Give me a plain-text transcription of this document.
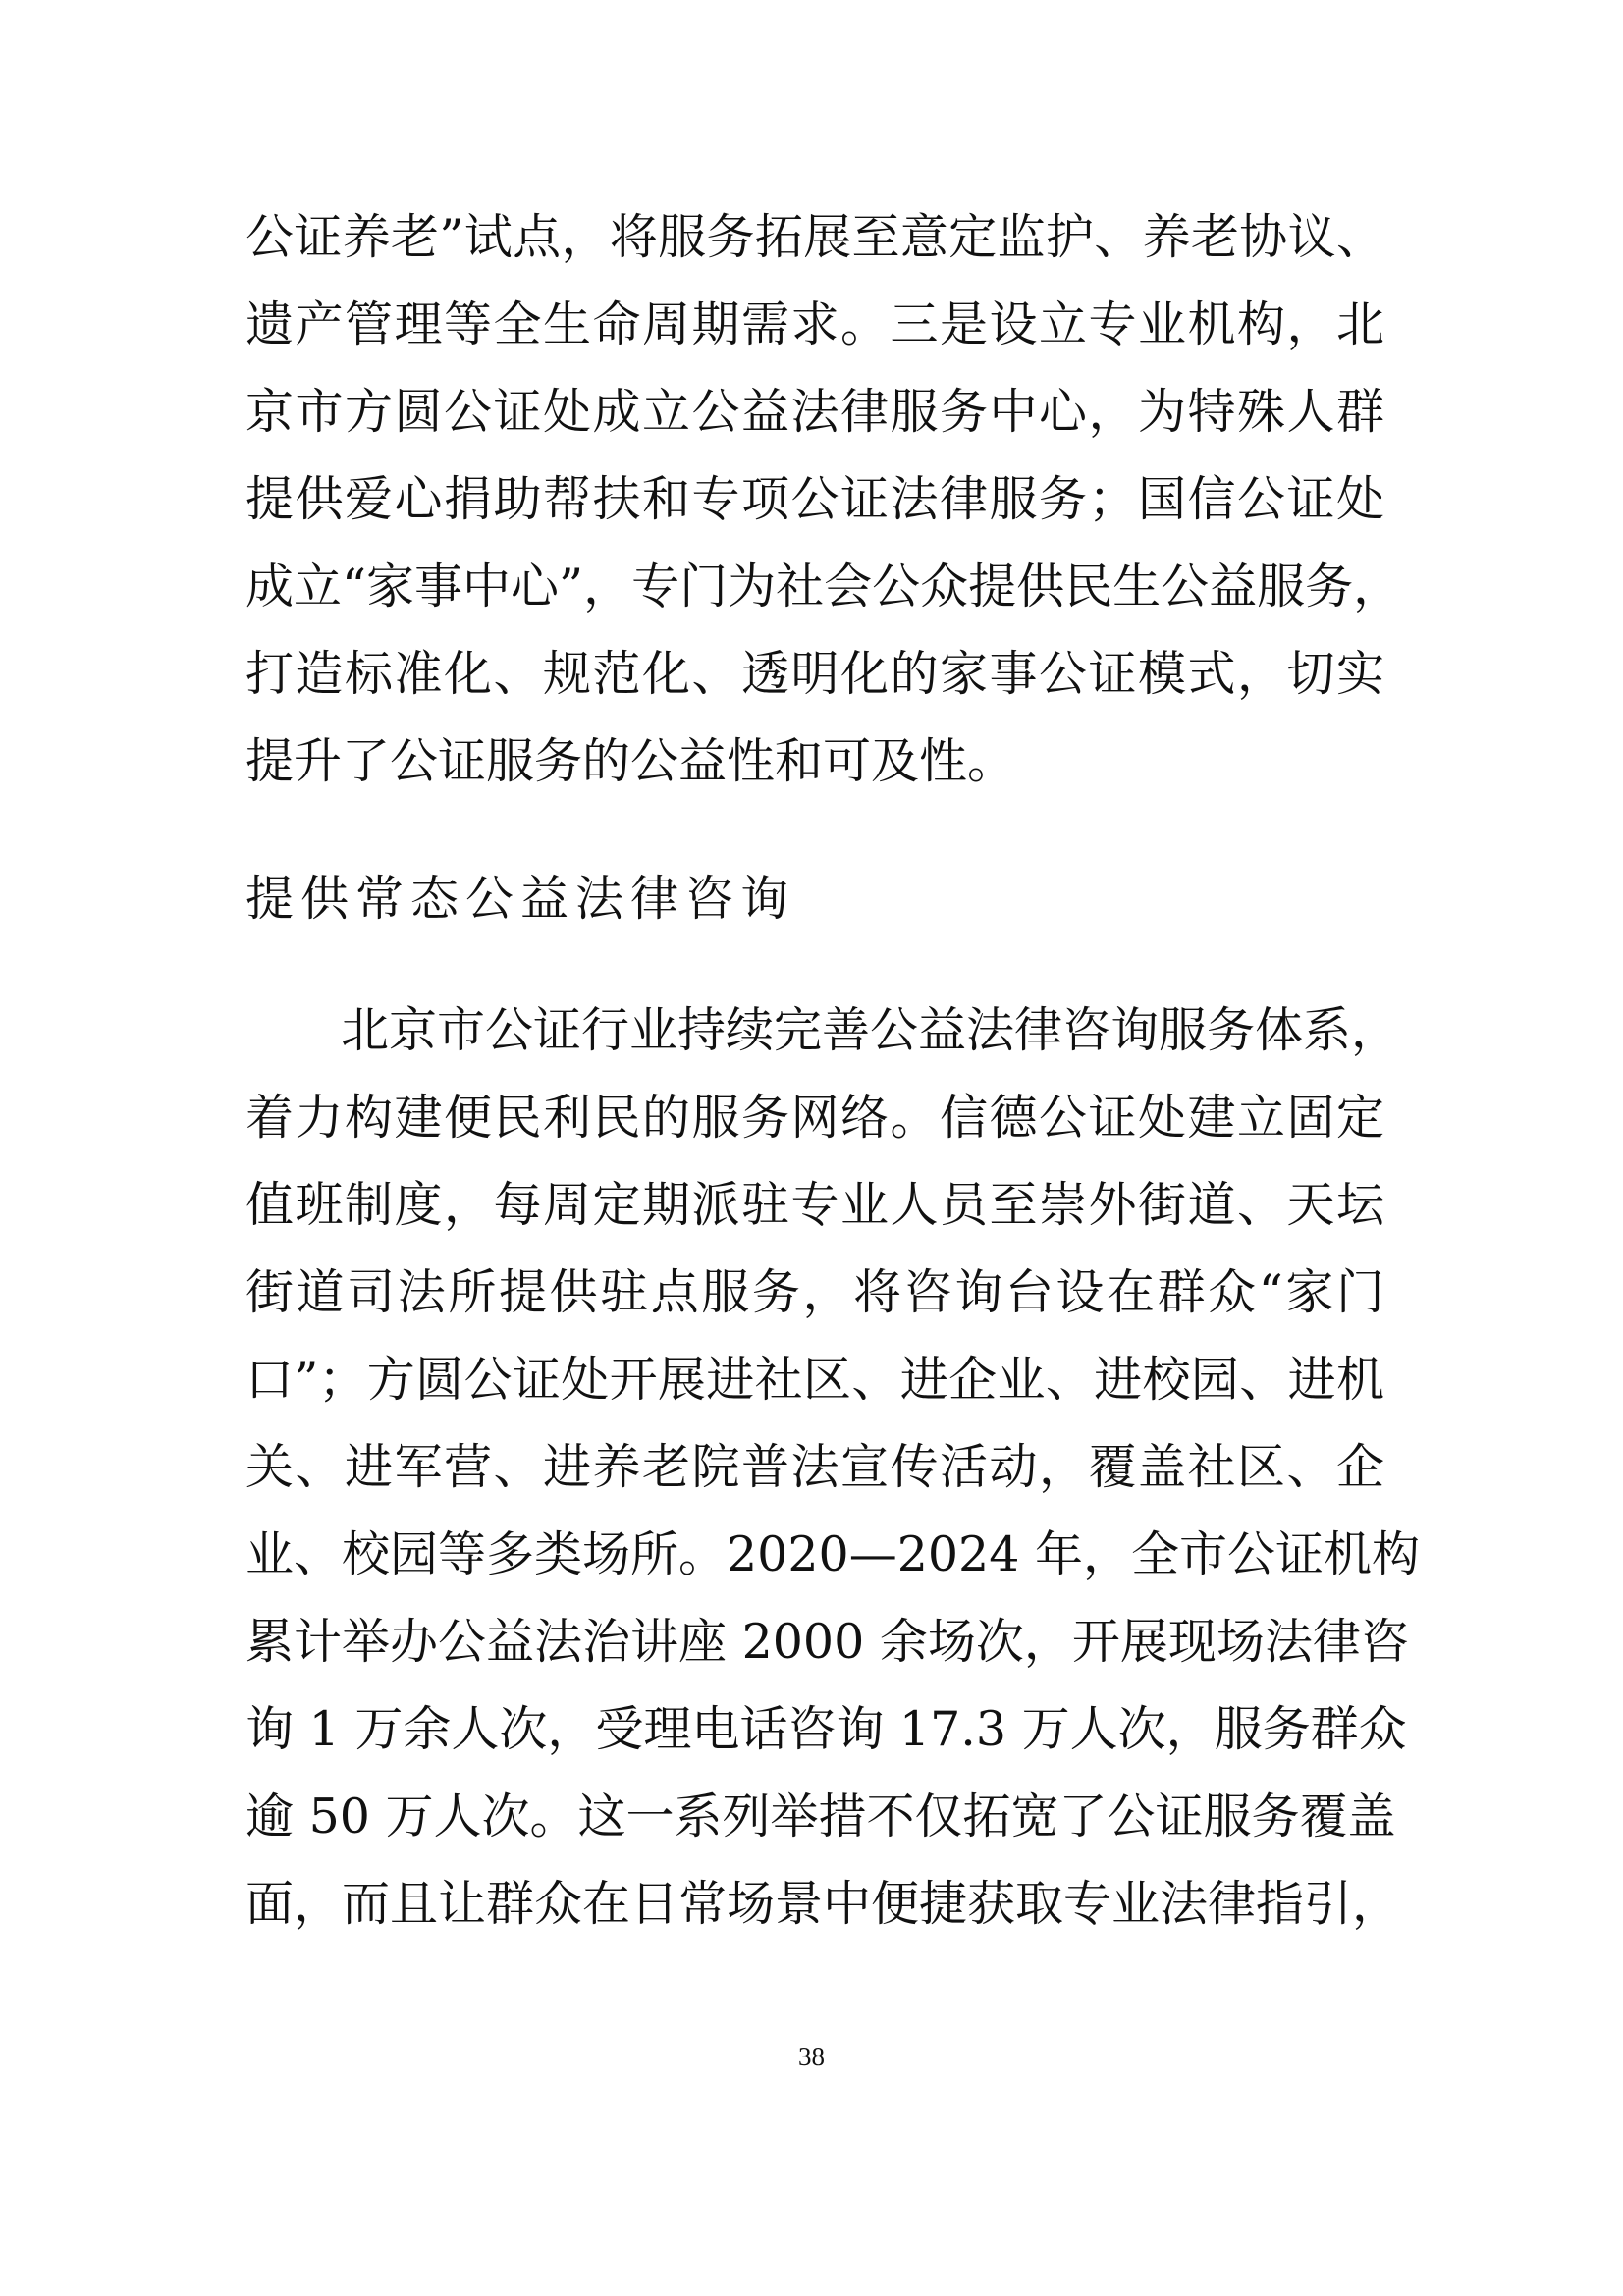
公证养老”试点，将服务拓展至意定监护、养老协议、
遗产管理等全生命周期需求。三是设立专业机构，北
京市方圆公证处成立公益法律服务中心，为特殊人群
提供爱心捐助帮扶和专项公证法律服务；国信公证处
成立“家事中心”，专门为社会公众提供民生公益服务，
打造标准化、规范化、透明化的家事公证模式，切实
提升了公证服务的公益性和可及性。
提供常态公益法律咨询
北京市公证行业持续完善公益法律咨询服务体系，
着力构建便民利民的服务网络。信德公证处建立固定
值班制度，每周定期派驻专业人员至崇外街道、天坛
街道司法所提供驻点服务，将咨询台设在群众“家门
口”；方圆公证处开展进社区、进企业、进校园、进机
关、进军营、进养老院普法宣传活动，覆盖社区、企
业、校园等多类场所。2020—2024 年，全市公证机构
累计举办公益法治讲座 2000 余场次，开展现场法律咨
询 1 万余人次，受理电话咨询 17.3 万人次，服务群众
逾 50 万人次。这一系列举措不仅拓宽了公证服务覆盖
面，而且让群众在日常场景中便捷获取专业法律指引，
38
